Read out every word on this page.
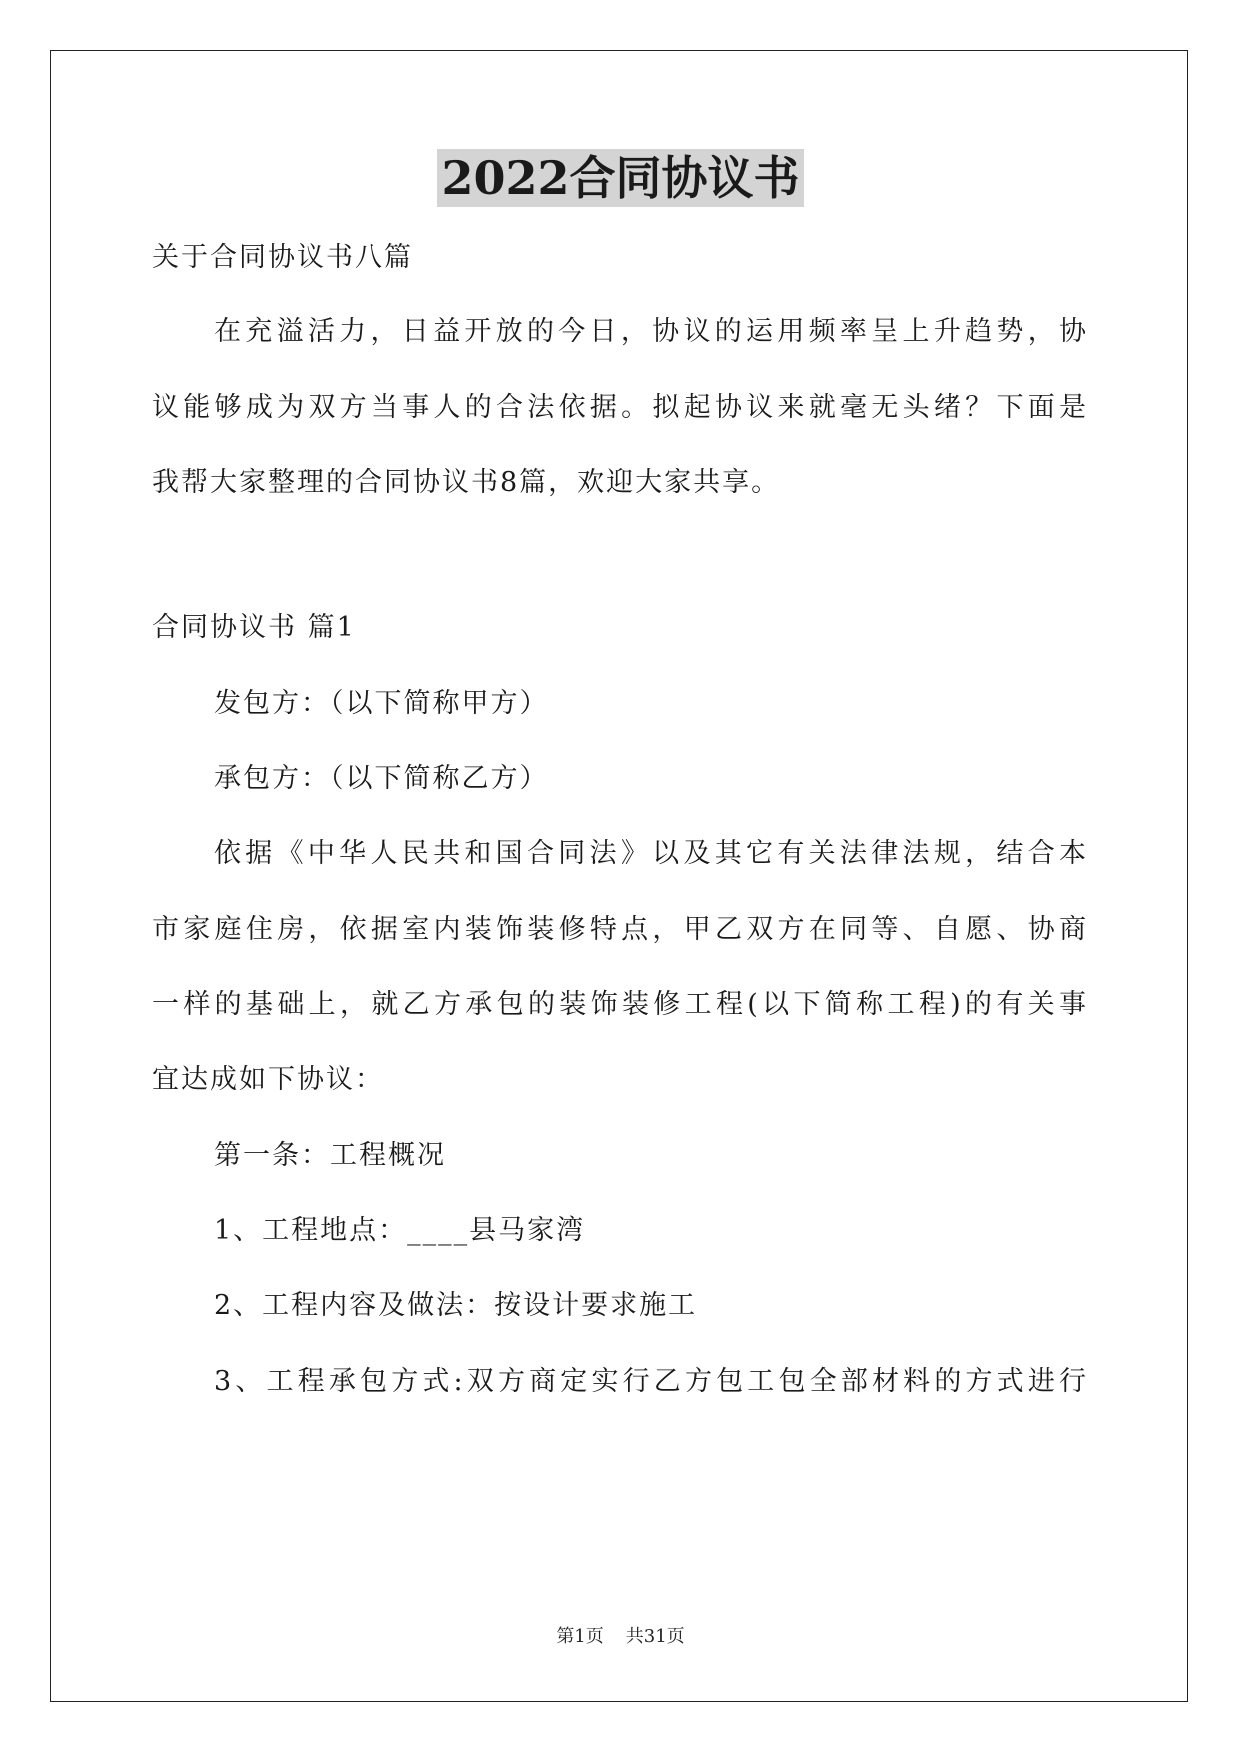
2022合同协议书

关于合同协议书八篇

在充溢活力，日益开放的今日，协议的运用频率呈上升趋势，协

议能够成为双方当事人的合法依据。拟起协议来就毫无头绪？下面是

我帮大家整理的合同协议书8篇，欢迎大家共享。

合同协议书 篇1

发包方：（以下简称甲方）

承包方：（以下简称乙方）

依据《中华人民共和国合同法》以及其它有关法律法规，结合本

市家庭住房，依据室内装饰装修特点，甲乙双方在同等、自愿、协商

一样的基础上，就乙方承包的装饰装修工程(以下简称工程)的有关事

宜达成如下协议：

第一条：工程概况

1、工程地点：____县马家湾

2、工程内容及做法：按设计要求施工

3、工程承包方式:双方商定实行乙方包工包全部材料的方式进行

第1页 共31页
